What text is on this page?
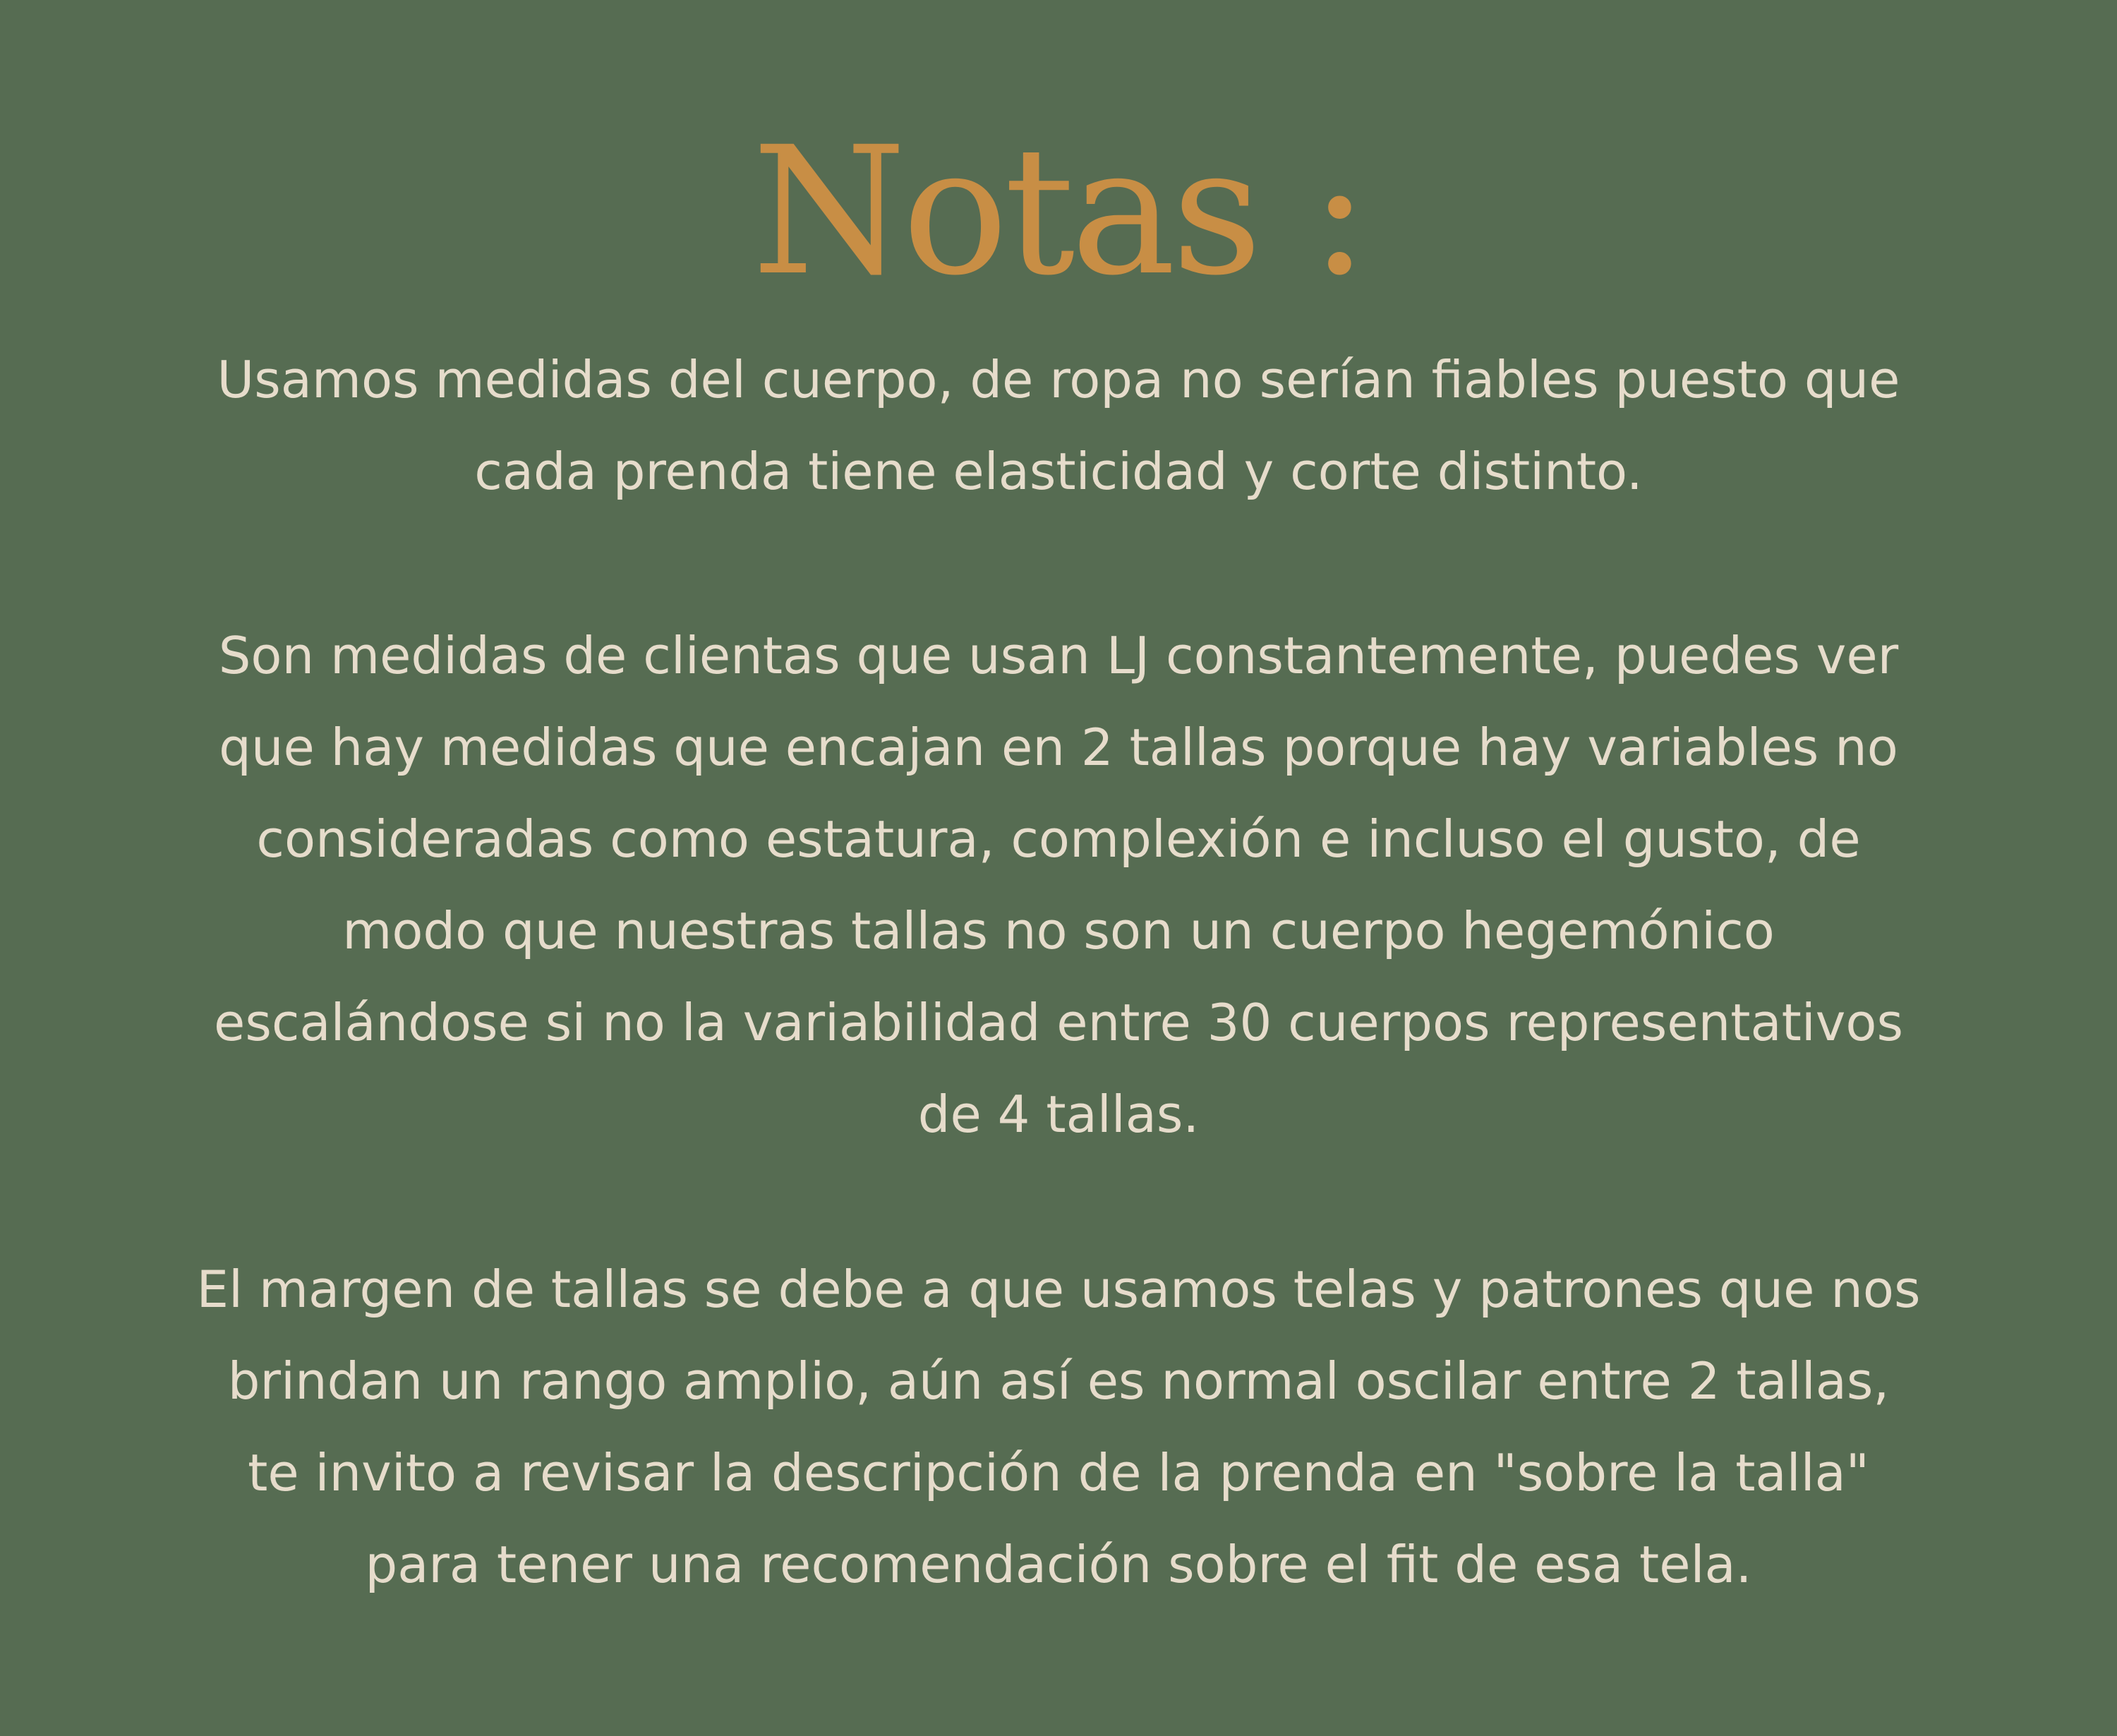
Notas :

Usamos medidas del cuerpo, de ropa no serían fiables puesto que
cada prenda tiene elasticidad y corte distinto.

Son medidas de clientas que usan LJ constantemente, puedes ver
que hay medidas que encajan en 2 tallas porque hay variables no
consideradas como estatura, complexión e incluso el gusto, de
modo que nuestras tallas no son un cuerpo hegemónico
escalándose si no la variabilidad entre 30 cuerpos representativos
de 4 tallas.

El margen de tallas se debe a que usamos telas y patrones que nos
brindan un rango amplio, aún así es normal oscilar entre 2 tallas,
te invito a revisar la descripción de la prenda en "sobre la talla"
para tener una recomendación sobre el fit de esa tela.
